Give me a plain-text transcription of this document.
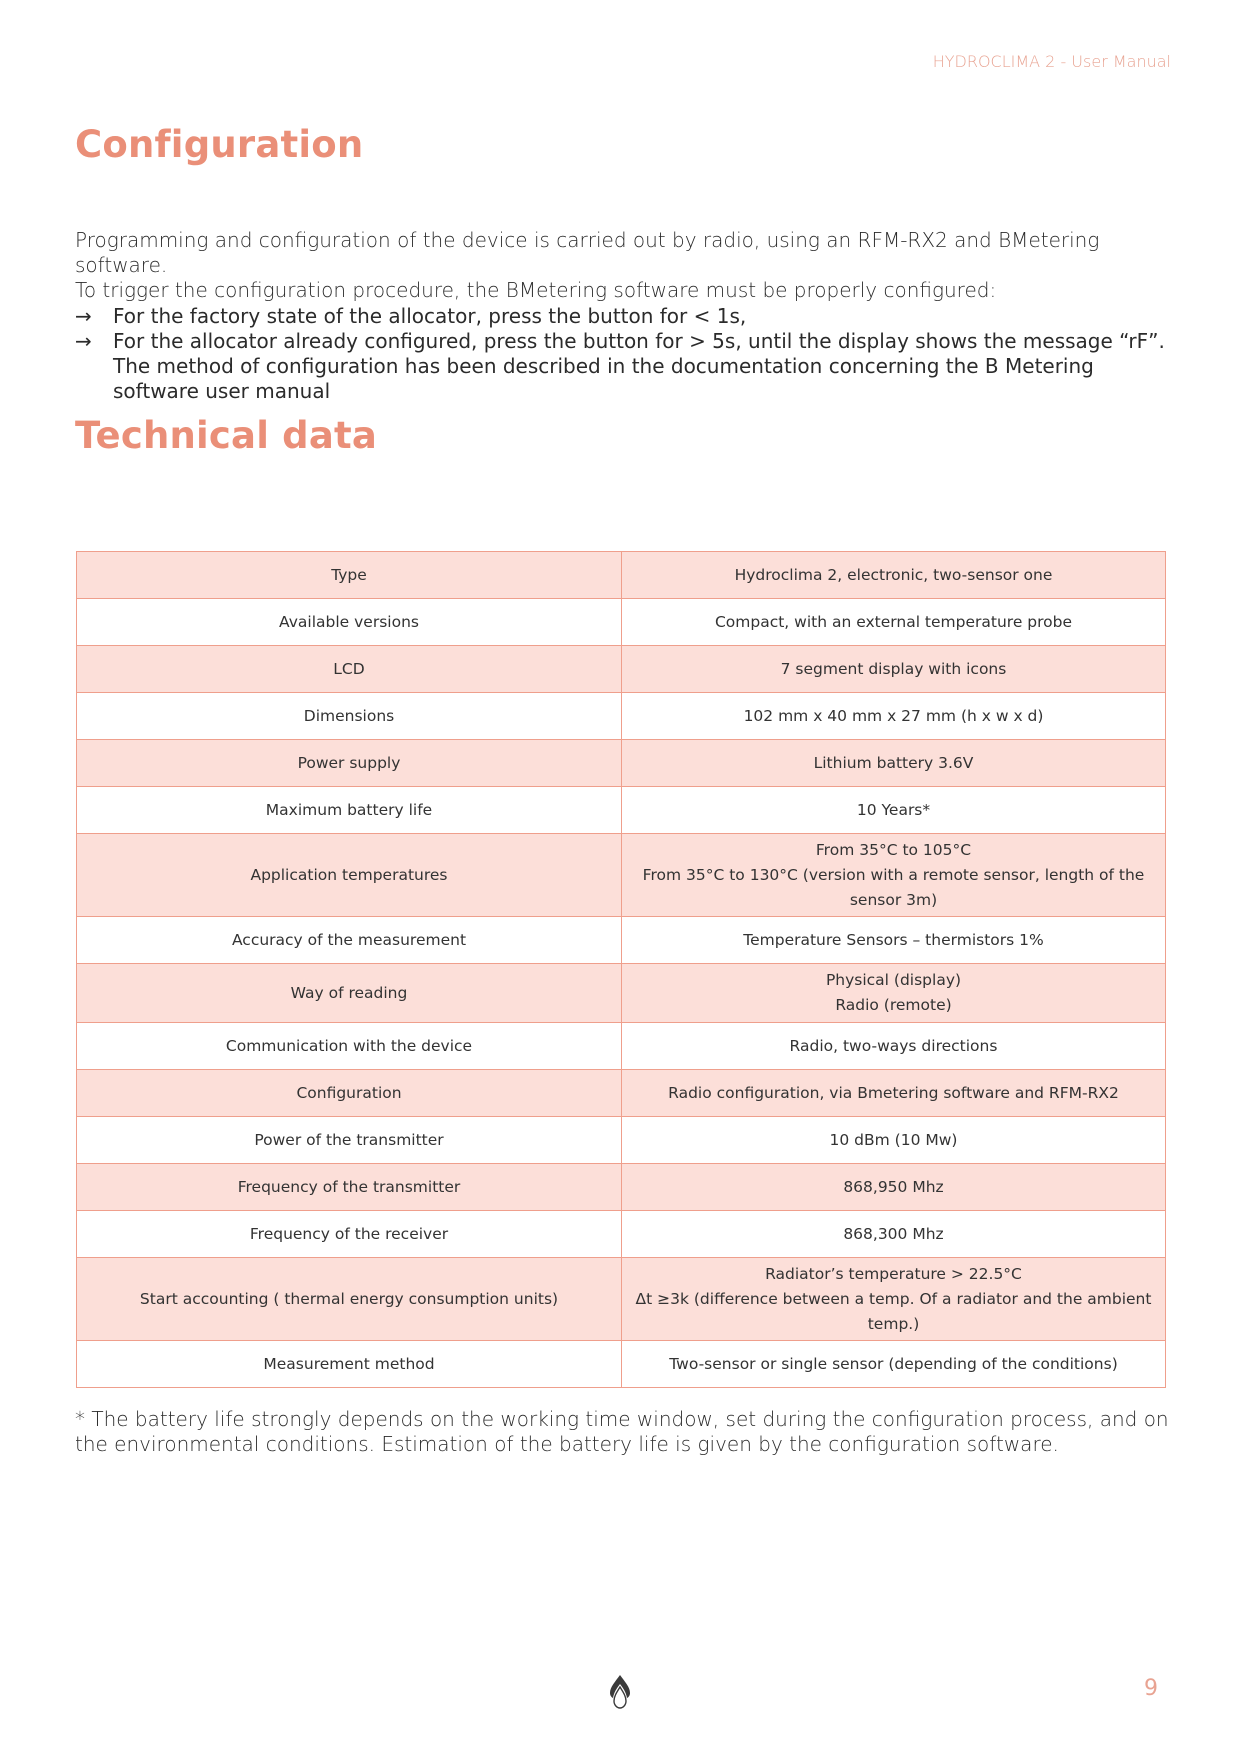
HYDROCLIMA 2 - User Manual
Configuration

Programming and configuration of the device is carried out by radio, using an RFM-RX2 and BMetering software.

To trigger the configuration procedure, the BMetering software must be properly configured:

→ For the factory state of the allocator, press the button for < 1s,
→ For the allocator already configured, press the button for > 5s, until the display shows the message “rF”.
The method of configuration has been described in the documentation concerning the B Metering software user manual
Technical data
Type	Hydroclima 2, electronic, two-sensor one
Available versions	Compact, with an external temperature probe
LCD	7 segment display with icons
Dimensions	102 mm x 40 mm x 27 mm (h x w x d)
Power supply	Lithium battery 3.6V
Maximum battery life	10 Years*
Application temperatures	From 35°C to 105°C
From 35°C to 130°C (version with a remote sensor, length of the sensor 3m)

Accuracy of the measurement	Temperature Sensors – thermistors 1%
Way of reading	Physical (display)
Radio (remote)

Communication with the device	Radio, two-ways directions
Configuration	Radio configuration, via Bmetering software and RFM-RX2
Power of the transmitter	10 dBm (10 Mw)
Frequency of the transmitter	868,950 Mhz
Frequency of the receiver	868,300 Mhz
Start accounting ( thermal energy consumption units)	Radiator’s temperature > 22.5°C
Δt ≥3k (difference between a temp. Of a radiator and the ambient temp.)

Measurement method	Two-sensor or single sensor (depending of the conditions)

* The battery life strongly depends on the working time window, set during the configuration process, and on the environmental conditions. Estimation of the battery life is given by the configuration software.

9
